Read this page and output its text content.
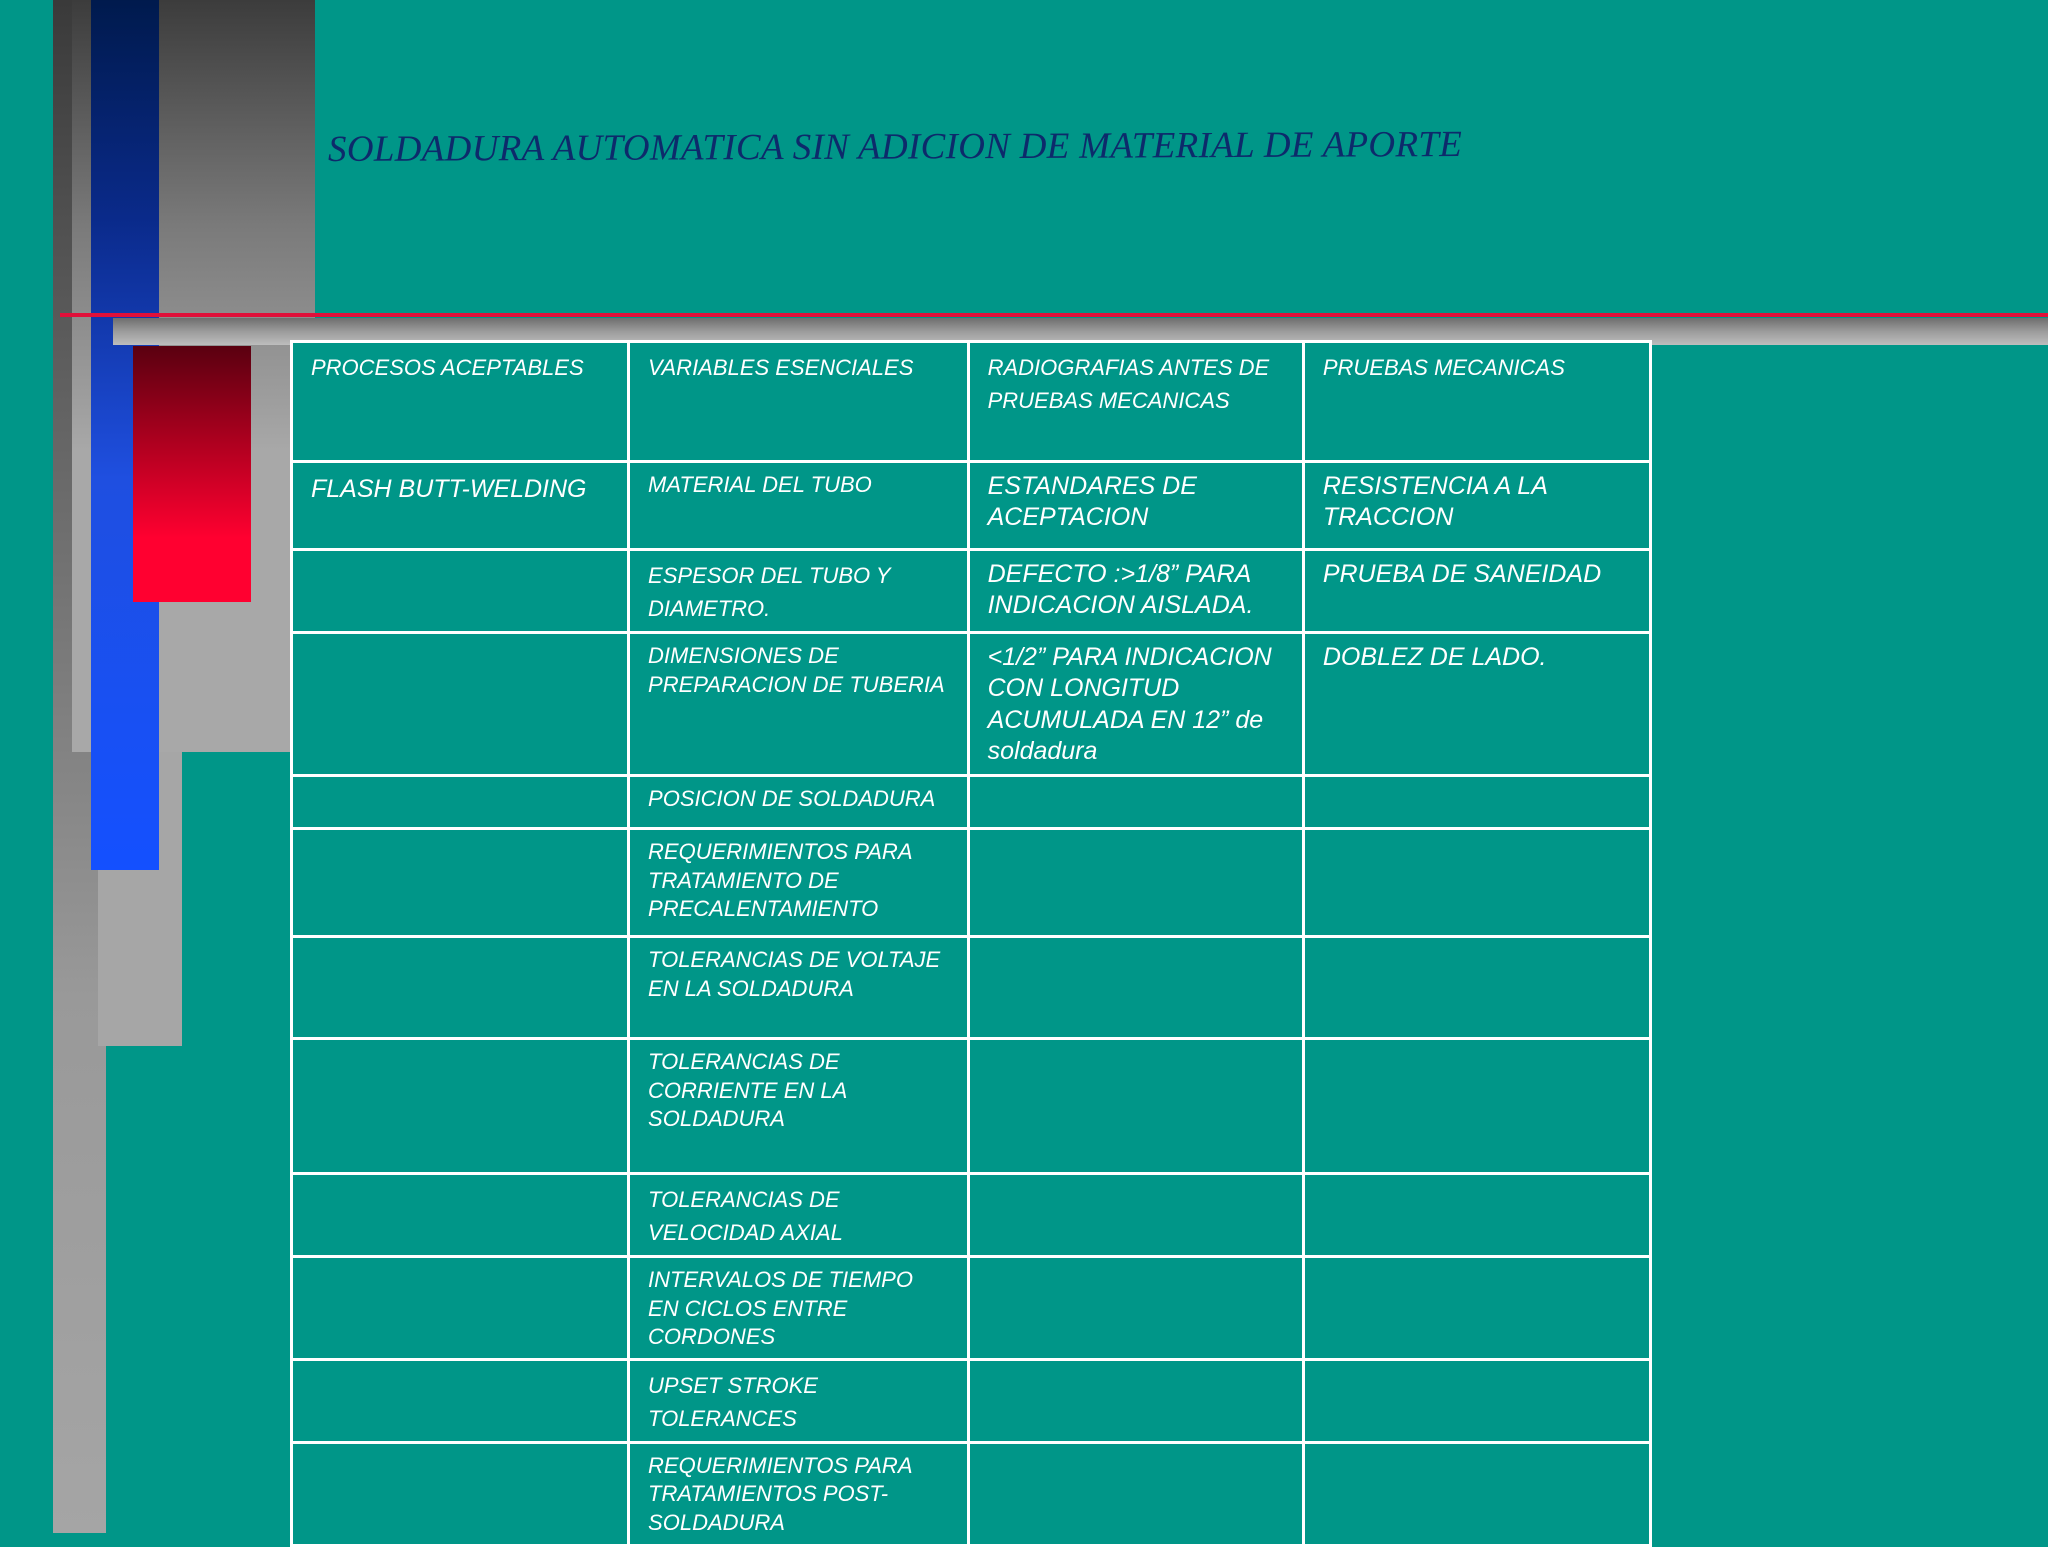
SOLDADURA AUTOMATICA SIN ADICION DE MATERIAL DE APORTE
PROCESOS ACEPTABLES	VARIABLES ESENCIALES	RADIOGRAFIAS ANTES DE PRUEBAS MECANICAS	PRUEBAS MECANICAS
FLASH BUTT-WELDING	MATERIAL DEL TUBO	ESTANDARES DE ACEPTACION	RESISTENCIA A LA TRACCION
	ESPESOR DEL TUBO Y DIAMETRO.	DEFECTO :>1/8” PARA INDICACION AISLADA.	PRUEBA DE SANEIDAD
	DIMENSIONES DE PREPARACION DE TUBERIA	<1/2” PARA INDICACION CON LONGITUD ACUMULADA EN 12” de soldadura	DOBLEZ DE LADO.
	POSICION DE SOLDADURA		
	REQUERIMIENTOS PARA TRATAMIENTO DE PRECALENTAMIENTO		
	TOLERANCIAS DE VOLTAJE EN LA SOLDADURA		
	TOLERANCIAS DE CORRIENTE EN LA SOLDADURA		
	TOLERANCIAS DE VELOCIDAD AXIAL		
	INTERVALOS DE TIEMPO EN CICLOS ENTRE CORDONES		
	UPSET STROKE TOLERANCES		
	REQUERIMIENTOS PARA TRATAMIENTOS POST-SOLDADURA		
